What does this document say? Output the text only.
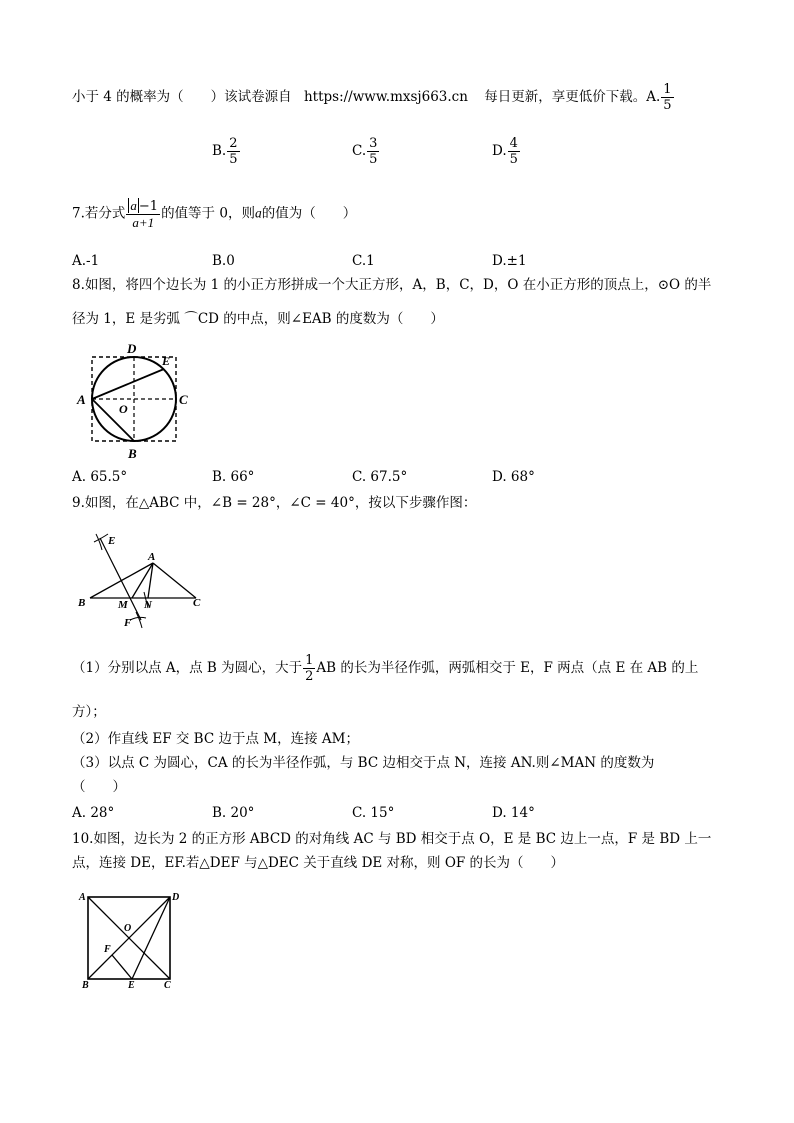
小于 4 的概率为（　　）该试卷源自 https://www.mxsj663.cn 每日更新，享更低价下载。A. $\frac{1}{5}$
B. $\frac{2}{5}$	C. $\frac{3}{5}$	D. $\frac{4}{5}$
7.若分式 $\frac{a -1}{a+1}$ 的值等于 0，则a的值为（　　）
A.-1	B.0	C.1	D.±1
8.如图，将四个边长为 1 的小正方形拼成一个大正方形，A，B，C，D，O 在小正方形的顶点上，⊙O 的半
径为 1，E 是劣弧 ⌒CD 的中点，则∠EAB 的度数为（　　）
D
E
A
O
C
B
A. 65.5°	B. 66°	C. 67.5°	D. 68°
9.如图，在△ABC 中，∠B = 28°，∠C = 40°，按以下步骤作图：
E
A
B	M N	C
F
（1）分别以点 A，点 B 为圆心，大于 $\frac{1}{2}$ AB 的长为半径作弧，两弧相交于 E，F 两点（点 E 在 AB 的上
方）；
（2）作直线 EF 交 BC 边于点 M，连接 AM；
（3）以点 C 为圆心，CA 的长为半径作弧，与 BC 边相交于点 N，连接 AN.则∠MAN 的度数为
（　　）
A. 28°	B. 20°	C. 15°	D. 14°
10.如图，边长为 2 的正方形 ABCD 的对角线 AC 与 BD 相交于点 O，E 是 BC 边上一点，F 是 BD 上一
点，连接 DE，EF.若△DEF 与△DEC 关于直线 DE 对称，则 OF 的长为（　　）
A	D
O
F
B	E	C
